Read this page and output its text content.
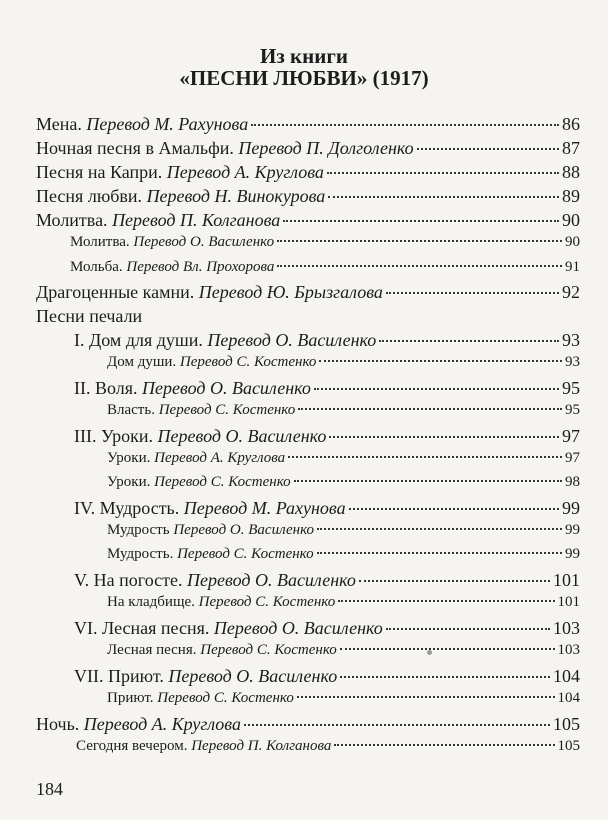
Из книги
«ПЕСНИ ЛЮБВИ» (1917)
Мена. Перевод М. Рахунова	86
Ночная песня в Амальфи. Перевод П. Долголенко	87
Песня на Капри. Перевод А. Круглова	88
Песня любви. Перевод Н. Винокурова	89
Молитва. Перевод П. Колганова	90
Молитва. Перевод О. Василенко	90
Мольба. Перевод Вл. Прохорова	91
Драгоценные камни. Перевод Ю. Брызгалова	92
Песни печали
I. Дом для души. Перевод О. Василенко	93
Дом души. Перевод С. Костенко	93
II. Воля. Перевод О. Василенко	95
Власть. Перевод С. Костенко	95
III. Уроки. Перевод О. Василенко	97
Уроки. Перевод А. Круглова	97
Уроки. Перевод С. Костенко	98
IV. Мудрость. Перевод М. Рахунова	99
Мудрость Перевод О. Василенко	99
Мудрость. Перевод С. Костенко	99
V. На погосте. Перевод О. Василенко	101
На кладбище. Перевод С. Костенко	101
VI. Лесная песня. Перевод О. Василенко	103
Лесная песня. Перевод С. Костенко	103
VII. Приют. Перевод О. Василенко	104
Приют. Перевод С. Костенко	104
Ночь. Перевод А. Круглова	105
Сегодня вечером. Перевод П. Колганова	105
184
